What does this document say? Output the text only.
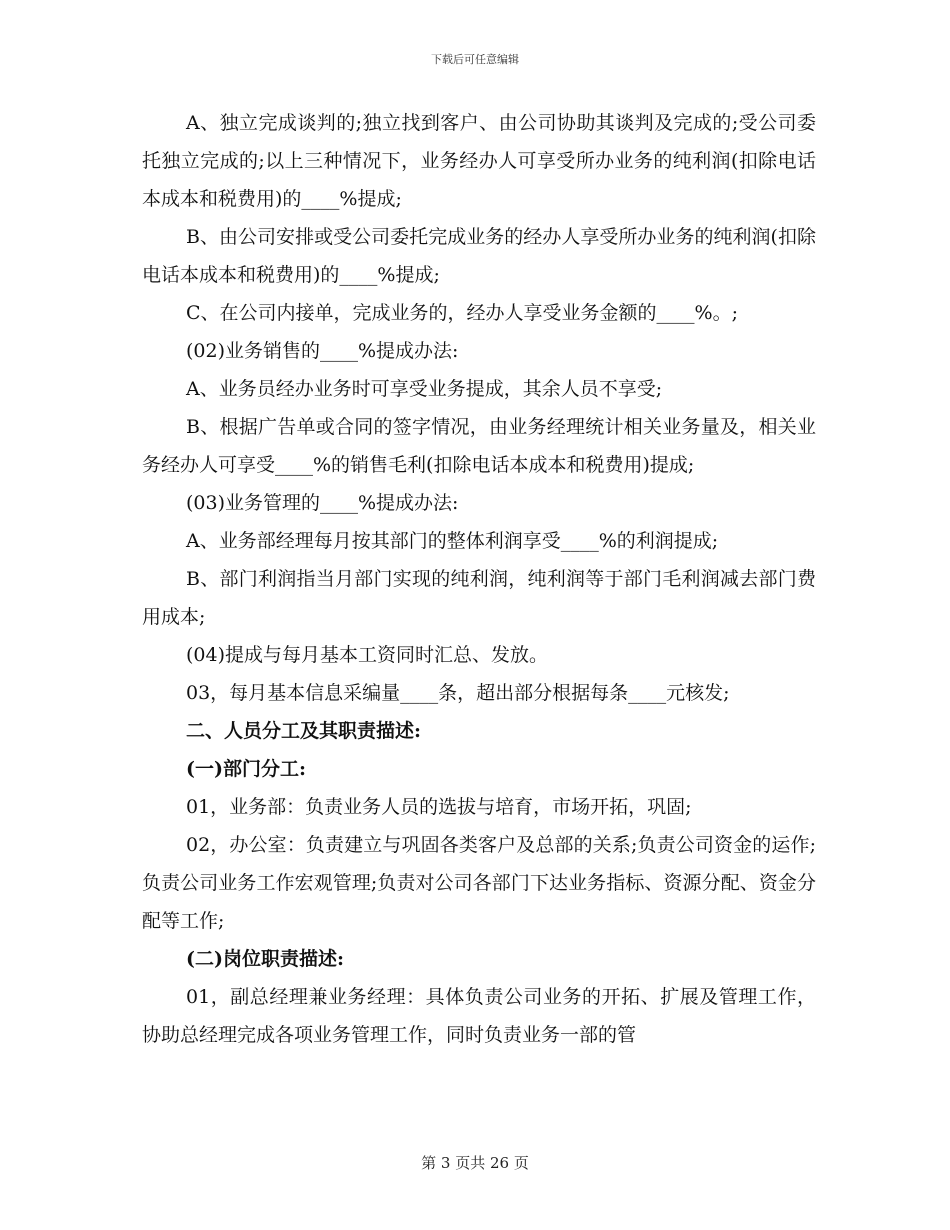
下载后可任意编辑

A、独立完成谈判的;独立找到客户、由公司协助其谈判及完成的;受公司委托独立完成的;以上三种情况下，业务经办人可享受所办业务的纯利润(扣除电话本成本和税费用)的____%提成;

B、由公司安排或受公司委托完成业务的经办人享受所办业务的纯利润(扣除电话本成本和税费用)的____%提成;

C、在公司内接单，完成业务的，经办人享受业务金额的____%。;

(02)业务销售的____%提成办法:

A、业务员经办业务时可享受业务提成，其余人员不享受;

B、根据广告单或合同的签字情况，由业务经理统计相关业务量及，相关业务经办人可享受____%的销售毛利(扣除电话本成本和税费用)提成;

(03)业务管理的____%提成办法:

A、业务部经理每月按其部门的整体利润享受____%的利润提成;

B、部门利润指当月部门实现的纯利润，纯利润等于部门毛利润减去部门费用成本;

(04)提成与每月基本工资同时汇总、发放。

03，每月基本信息采编量____条，超出部分根据每条____元核发;

二、人员分工及其职责描述:

(一)部门分工:

01，业务部：负责业务人员的选拔与培育，市场开拓，巩固;

02，办公室：负责建立与巩固各类客户及总部的关系;负责公司资金的运作;负责公司业务工作宏观管理;负责对公司各部门下达业务指标、资源分配、资金分配等工作;

(二)岗位职责描述:

01，副总经理兼业务经理：具体负责公司业务的开拓、扩展及管理工作，协助总经理完成各项业务管理工作，同时负责业务一部的管

第 3 页共 26 页
